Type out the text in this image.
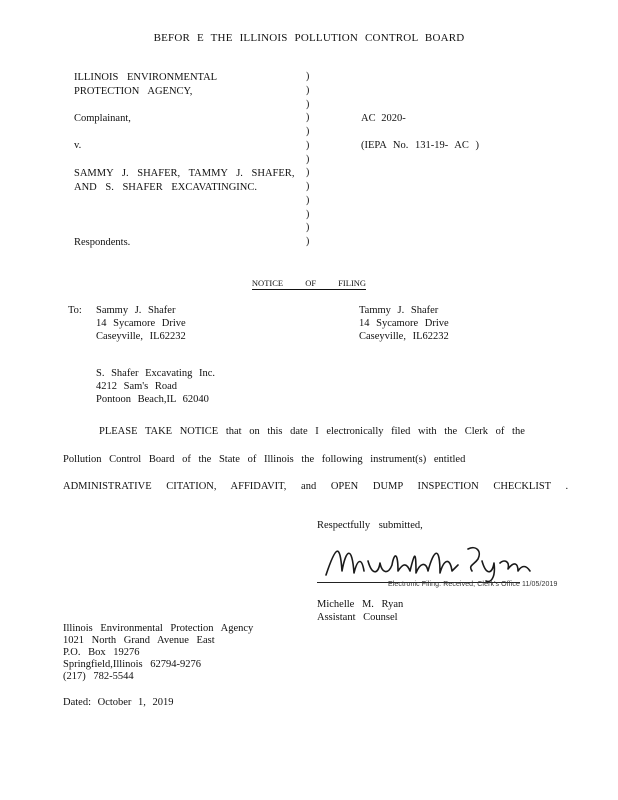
BEFOR E THE ILLINOIS POLLUTION CONTROL BOARD
ILLINOIS ENVIRONMENTAL
PROTECTION AGENCY,
Complainant,
v.
SAMMY J. SHAFER, TAMMY J. SHAFER,
AND S. SHAFER EXCAVATINGINC.
Respondents.
)
)
)
)
)
)
)
)
)
)
)
)
)
AC 2020-
(IEPA No. 131-19- AC )
NOTICE OF FILING
To: Sammy J. Shafer
14 Sycamore Drive
Caseyville, IL62232
Tammy J. Shafer
14 Sycamore Drive
Caseyville, IL62232
S. Shafer Excavating Inc.
4212 Sam's Road
Pontoon Beach,IL 62040
PLEASE TAKE NOTICE that on this date I electronically filed with the Clerk of the
Pollution Control Board of the State of Illinois the following instrument(s) entitled
ADMINISTRATIVE CITATION, AFFIDAVIT, and OPEN DUMP INSPECTION CHECKLIST .
Respectfully submitted,
Michelle M. Ryan
Electronic Filing: Received, Clerk's Office 11/05/2019
Michelle M. Ryan
Assistant Counsel
Illinois Environmental Protection Agency
1021 North Grand Avenue East
P.O. Box 19276
Springfield,Illinois 62794-9276
(217) 782-5544
Dated: October 1, 2019
